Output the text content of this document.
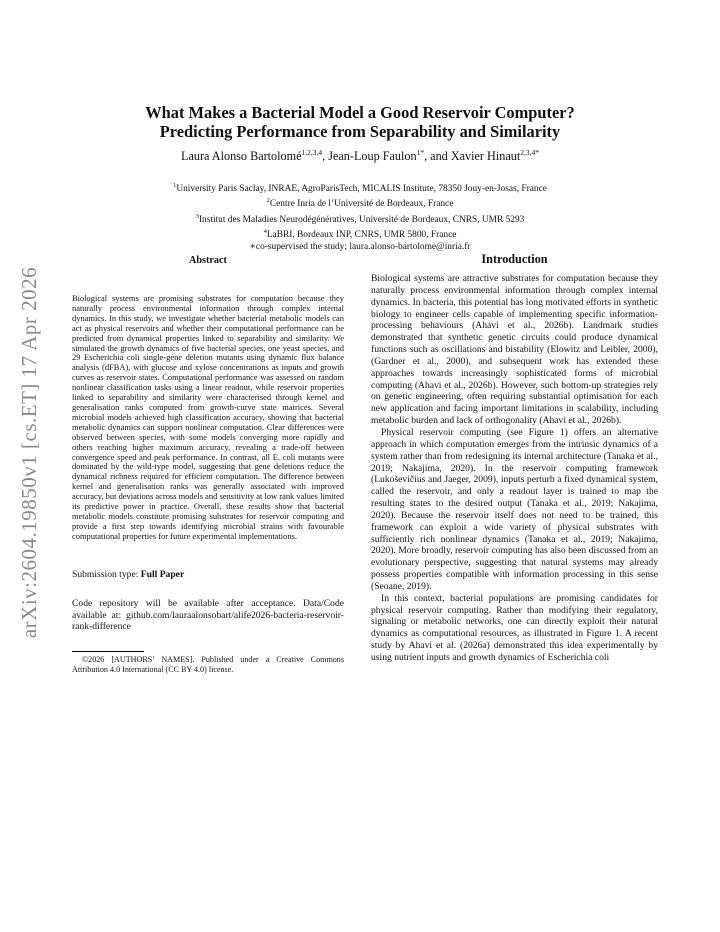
arXiv:2604.19850v1 [cs.ET] 17 Apr 2026
What Makes a Bacterial Model a Good Reservoir Computer?
Predicting Performance from Separability and Similarity
Laura Alonso Bartolomé$^{1,2,3,4}$, Jean-Loup Faulon$^{1*}$, and Xavier Hinaut$^{2,3,4*}$
$^1$University Paris Saclay, INRAE, AgroParisTech, MICALIS Institute, 78350 Jouy-en-Josas, France
$^2$Centre Inria de l’Université de Bordeaux, France
$^3$Institut des Maladies Neurodégénératives, Université de Bordeaux, CNRS, UMR 5293
$^4$LaBRI, Bordeaux INP, CNRS, UMR 5800, France
∗co-supervised the study; laura.alonso-bartolome@inria.fr
Abstract
Biological systems are promising substrates for computation because they naturally process environmental information through complex internal dynamics. In this study, we investigate whether bacterial metabolic models can act as physical reservoirs and whether their computational performance can be predicted from dynamical properties linked to separability and similarity. We simulated the growth dynamics of five bacterial species, one yeast species, and 29 Escherichia coli single-gene deletion mutants using dynamic flux balance analysis (dFBA), with glucose and xylose concentrations as inputs and growth curves as reservoir states. Computational performance was assessed on random nonlinear classification tasks using a linear readout, while reservoir properties linked to separability and similarity were characterised through kernel and generalisation ranks computed from growth-curve state matrices. Several microbial models achieved high classification accuracy, showing that bacterial metabolic dynamics can support nonlinear computation. Clear differences were observed between species, with some models converging more rapidly and others reaching higher maximum accuracy, revealing a trade-off between convergence speed and peak performance. In contrast, all E. coli mutants were dominated by the wild-type model, suggesting that gene deletions reduce the dynamical richness required for efficient computation. The difference between kernel and generalisation ranks was generally associated with improved accuracy, but deviations across models and sensitivity at low rank values limited its predictive power in practice. Overall, these results show that bacterial metabolic models constitute promising substrates for reservoir computing and provide a first step towards identifying microbial strains with favourable computational properties for future experimental implementations.
Submission type: Full Paper
Code repository will be available after acceptance. Data/Code available at: github.com/lauraalonsobart/alife2026-bacteria-reservoir-rank-difference
©2026 [AUTHORS’ NAMES]. Published under a Creative Commons Attribution 4.0 International (CC BY 4.0) license.
Introduction

Biological systems are attractive substrates for computation because they naturally process environmental information through complex internal dynamics. In bacteria, this potential has long motivated efforts in synthetic biology to engineer cells capable of implementing specific information-processing behaviours (Ahavi et al., 2026b). Landmark studies demonstrated that synthetic genetic circuits could produce dynamical functions such as oscillations and bistability (Elowitz and Leibler, 2000), (Gardner et al., 2000), and subsequent work has extended these approaches towards increasingly sophisticated forms of microbial computing (Ahavi et al., 2026b). However, such bottom-up strategies rely on genetic engineering, often requiring substantial optimisation for each new application and facing important limitations in scalability, including metabolic burden and lack of orthogonality (Ahavi et al., 2026b).

Physical reservoir computing (see Figure 1) offers an alternative approach in which computation emerges from the intrinsic dynamics of a system rather than from redesigning its internal architecture (Tanaka et al., 2019; Nakajima, 2020). In the reservoir computing framework (Lukoševičius and Jaeger, 2009), inputs perturb a fixed dynamical system, called the reservoir, and only a readout layer is trained to map the resulting states to the desired output (Tanaka et al., 2019; Nakajima, 2020). Because the reservoir itself does not need to be trained, this framework can exploit a wide variety of physical substrates with sufficiently rich nonlinear dynamics (Tanaka et al., 2019; Nakajima, 2020). More broadly, reservoir computing has also been discussed from an evolutionary perspective, suggesting that natural systems may already possess properties compatible with information processing in this sense (Seoane, 2019).

In this context, bacterial populations are promising candidates for physical reservoir computing. Rather than modifying their regulatory, signaling or metabolic networks, one can directly exploit their natural dynamics as computational resources, as illustrated in Figure 1. A recent study by Ahavi et al. (2026a) demonstrated this idea experimentally by using nutrient inputs and growth dynamics of Escherichia coli
